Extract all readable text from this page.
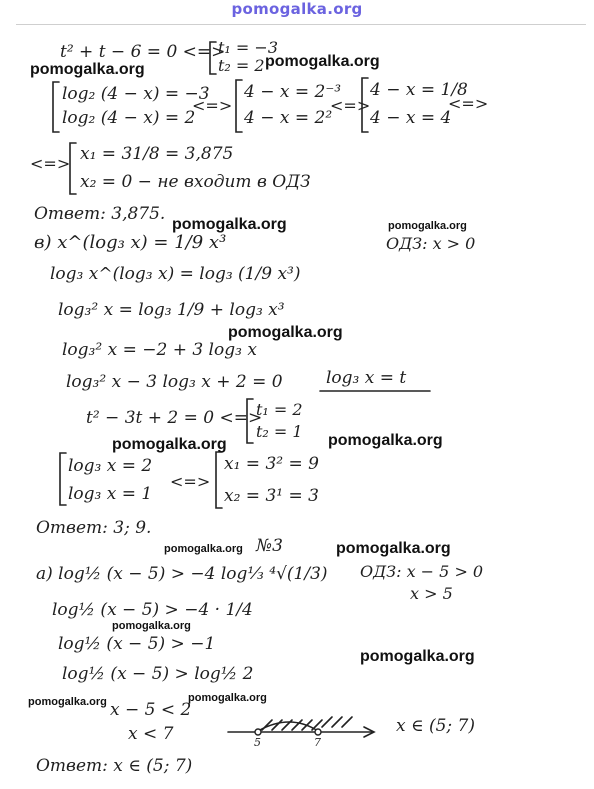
pomogalka.org
t² + t − 6 = 0 <=>
t₁ = −3
t₂ = 2
log₂ (4 − x) = −3
log₂ (4 − x) = 2
<=>
4 − x = 2⁻³
4 − x = 2²
<=>
4 − x = 1/8
4 − x = 4
<=>
<=> x₁ = 31/8 = 3,875
x₂ = 0 − не входит в ОДЗ
Ответ: 3,875.
в) x^(log₃ x) = 1/9 x³	ОДЗ: x > 0
log₃ x^(log₃ x) = log₃ (1/9 x³)
log₃² x = log₃ 1/9 + log₃ x³
log₃² x = −2 + 3 log₃ x
log₃² x − 3 log₃ x + 2 = 0	log₃ x = t
t² − 3t + 2 = 0 <=>
t₁ = 2
t₂ = 1
log₃ x = 2
log₃ x = 1
<=>
x₁ = 3² = 9
x₂ = 3¹ = 3
Ответ: 3; 9.
№3
а) log½ (x − 5) > −4 log⅓ ⁴√(1/3) ОДЗ: x − 5 > 0
x > 5
log½ (x − 5) > −4 · 1/4
log½ (x − 5) > −1
log½ (x − 5) > log½ 2
x − 5 < 2
x < 7	5	7
x ∈ (5; 7)
Ответ: x ∈ (5; 7)
pomogalka.org	pomogalka.org
pomogalka.org	pomogalka.org
pomogalka.org
pomogalka.org	pomogalka.org
pomogalka.org	pomogalka.org
pomogalka.org
pomogalka.org
pomogalka.org	pomogalka.org
